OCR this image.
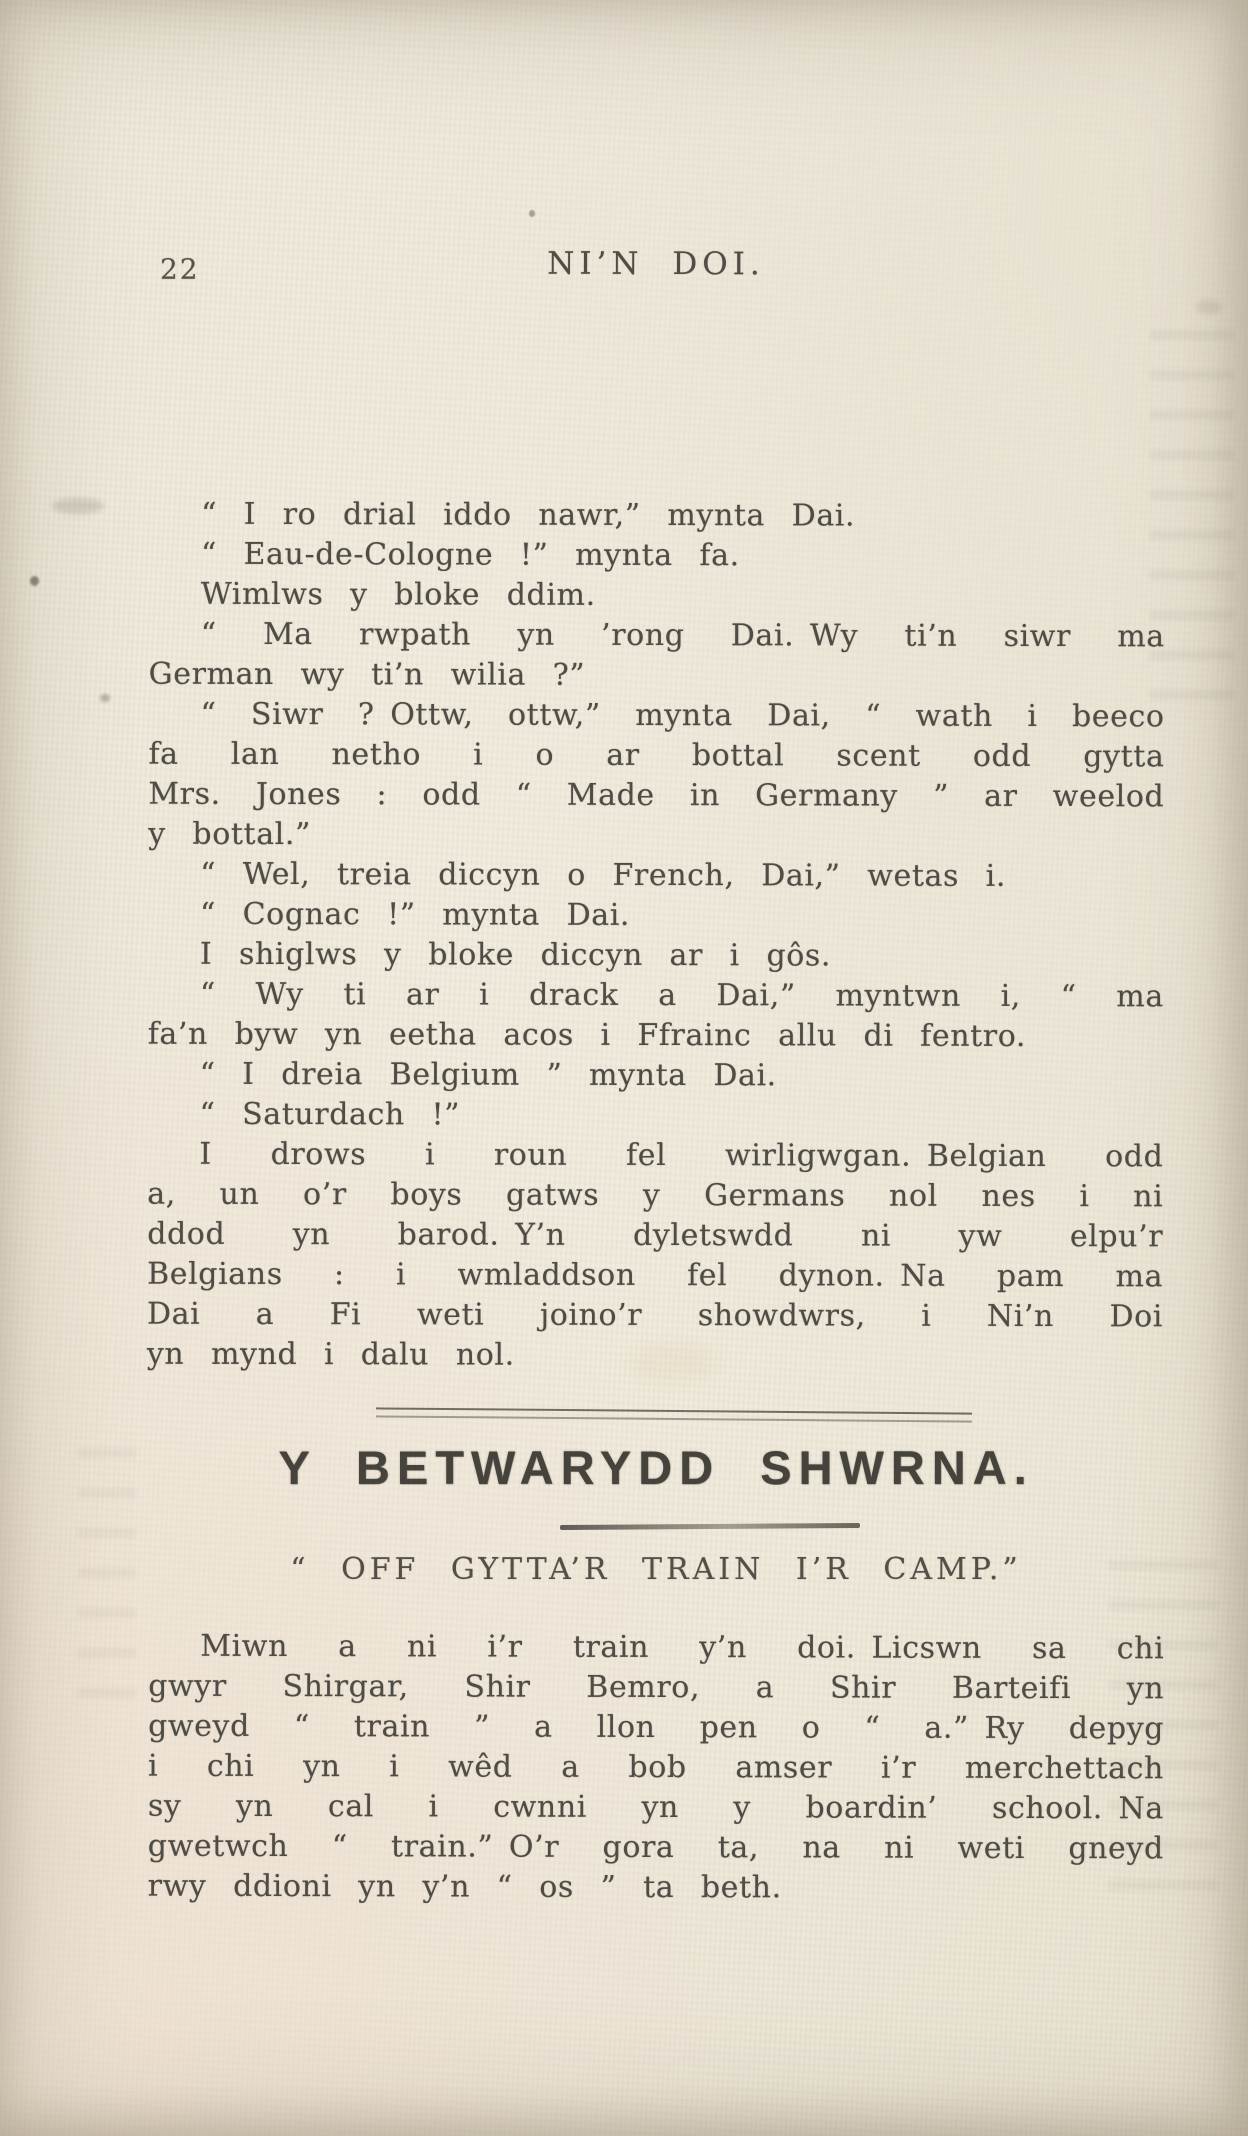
22	NI’N DOI.
“ I ro drial iddo nawr,” mynta Dai.
“ Eau-de-Cologne !” mynta fa.
Wimlws y bloke ddim.
“ Ma rwpath yn ’rong Dai. Wy ti’n siwr ma
German wy ti’n wilia ?”
“ Siwr ? Ottw, ottw,” mynta Dai, “ wath i beeco
fa lan netho i o ar bottal scent odd gytta
Mrs. Jones : odd “ Made in Germany ” ar weelod
y bottal.”
“ Wel, treia diccyn o French, Dai,” wetas i.
“ Cognac !” mynta Dai.
I shiglws y bloke diccyn ar i gôs.
“ Wy ti ar i drack a Dai,” myntwn i, “ ma
fa’n byw yn eetha acos i Ffrainc allu di fentro.
“ I dreia Belgium ” mynta Dai.
“ Saturdach !”
I drows i roun fel wirligwgan. Belgian odd
a, un o’r boys gatws y Germans nol nes i ni
ddod yn barod. Y’n dyletswdd ni yw elpu’r
Belgians : i wmladdson fel dynon. Na pam ma
Dai a Fi weti joino’r showdwrs, i Ni’n Doi
yn mynd i dalu nol.
Y BETWARYDD SHWRNA.
“ OFF GYTTA’R TRAIN I’R CAMP.”
Miwn a ni i’r train y’n doi. Licswn sa chi
gwyr Shirgar, Shir Bemro, a Shir Barteifi yn
gweyd “ train ” a llon pen o “ a.” Ry depyg
i chi yn i wêd a bob amser i’r merchettach
sy yn cal i cwnni yn y boardin’ school. Na
gwetwch “ train.” O’r gora ta, na ni weti gneyd
rwy ddioni yn y’n “ os ” ta beth.
